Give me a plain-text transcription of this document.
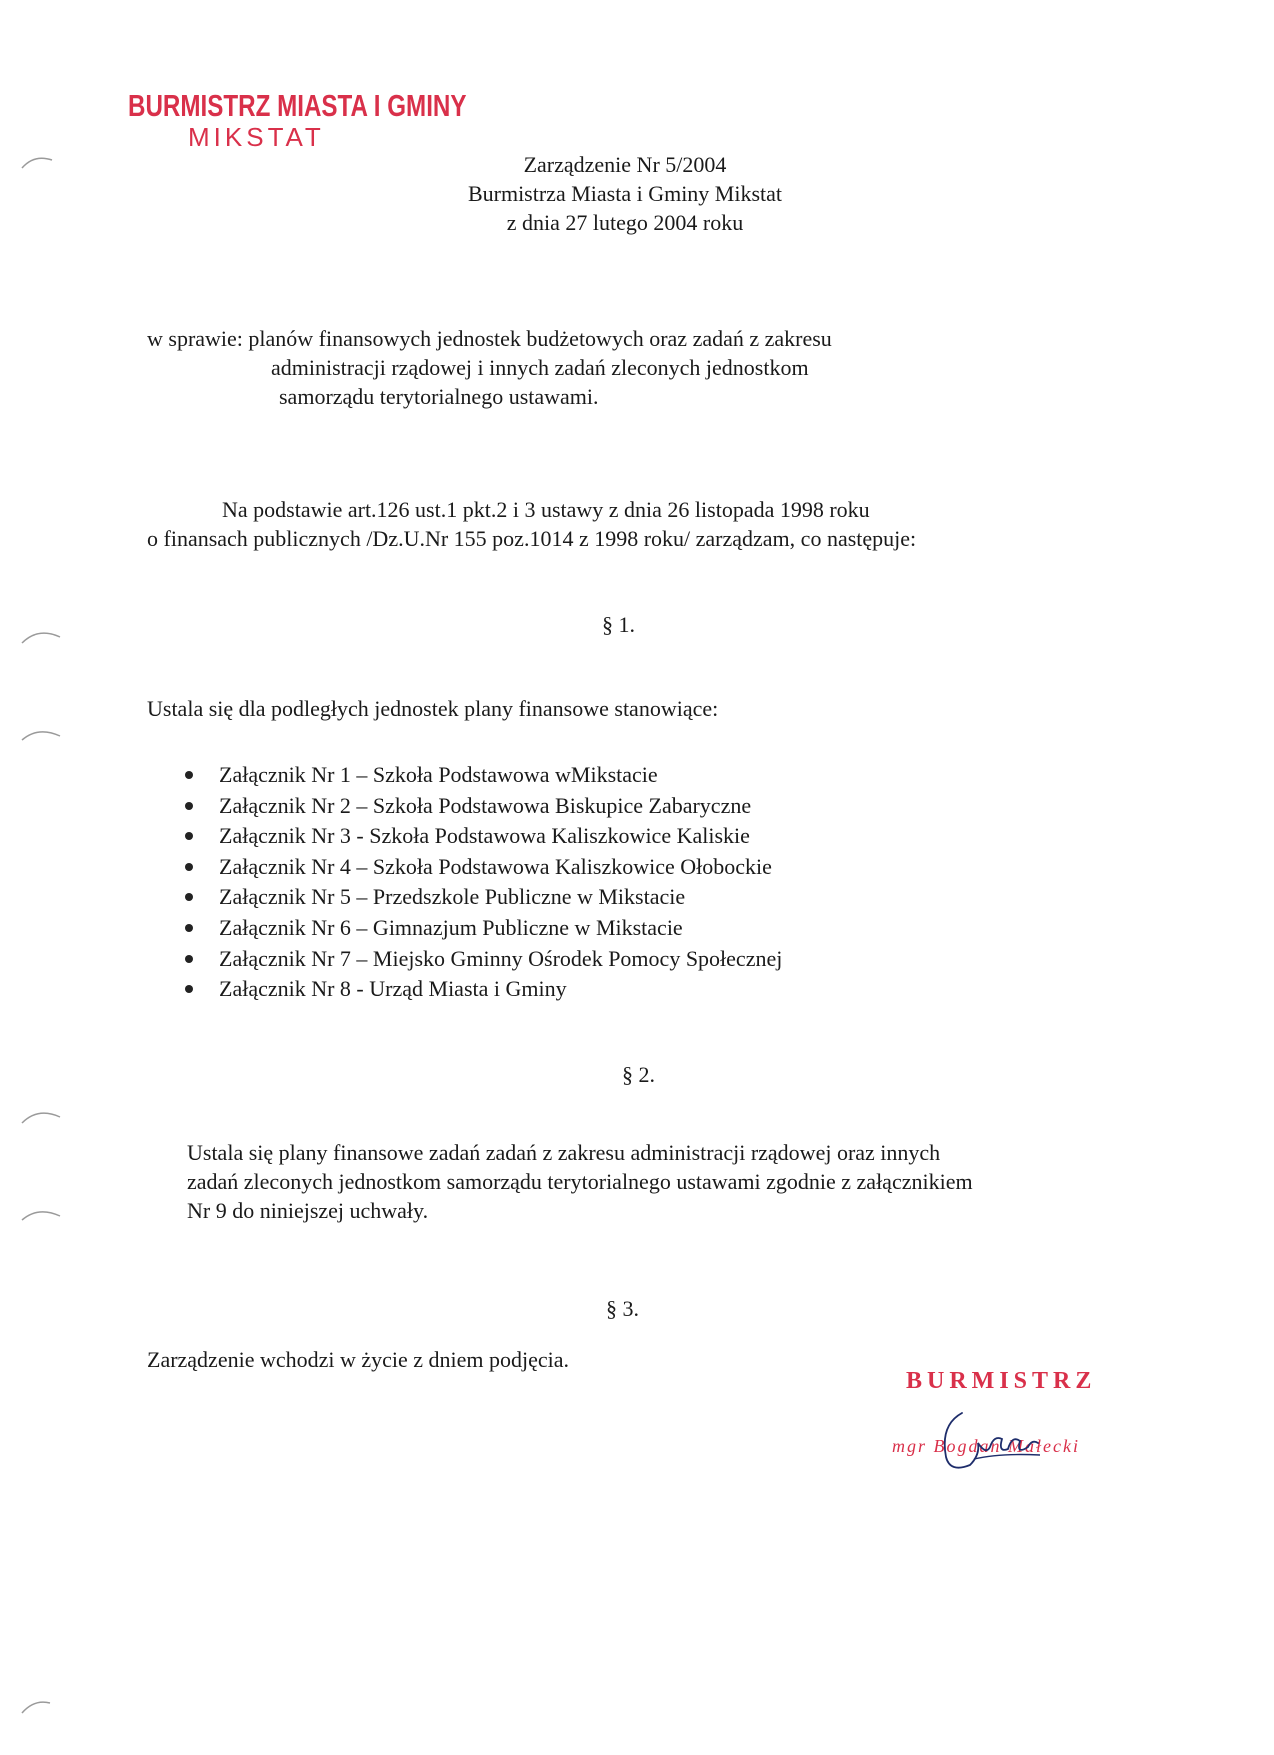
BURMISTRZ MIASTA I GMINY
MIKSTAT
Zarządzenie Nr 5/2004
Burmistrza Miasta i Gminy Mikstat
z dnia 27 lutego 2004 roku
w sprawie: planów finansowych jednostek budżetowych oraz zadań z zakresu
administracji rządowej i innych zadań zleconych jednostkom
samorządu terytorialnego ustawami.
Na podstawie art.126 ust.1 pkt.2 i 3 ustawy z dnia 26 listopada 1998 roku
o finansach publicznych /Dz.U.Nr 155 poz.1014 z 1998 roku/ zarządzam, co następuje:
§ 1.
Ustala się dla podległych jednostek plany finansowe stanowiące:
Załącznik Nr 1 – Szkoła Podstawowa wMikstacie
Załącznik Nr 2 – Szkoła Podstawowa Biskupice Zabaryczne
Załącznik Nr 3 - Szkoła Podstawowa Kaliszkowice Kaliskie
Załącznik Nr 4 – Szkoła Podstawowa Kaliszkowice Ołobockie
Załącznik Nr 5 – Przedszkole Publiczne w Mikstacie
Załącznik Nr 6 – Gimnazjum Publiczne w Mikstacie
Załącznik Nr 7 – Miejsko Gminny Ośrodek Pomocy Społecznej
Załącznik Nr 8 - Urząd Miasta i Gminy
§ 2.
Ustala się plany finansowe zadań zadań z zakresu administracji rządowej oraz innych
zadań zleconych jednostkom samorządu terytorialnego ustawami zgodnie z załącznikiem
Nr 9 do niniejszej uchwały.
§ 3.
Zarządzenie wchodzi w życie z dniem podjęcia.
BURMISTRZ
mgr Bogdan Małecki
